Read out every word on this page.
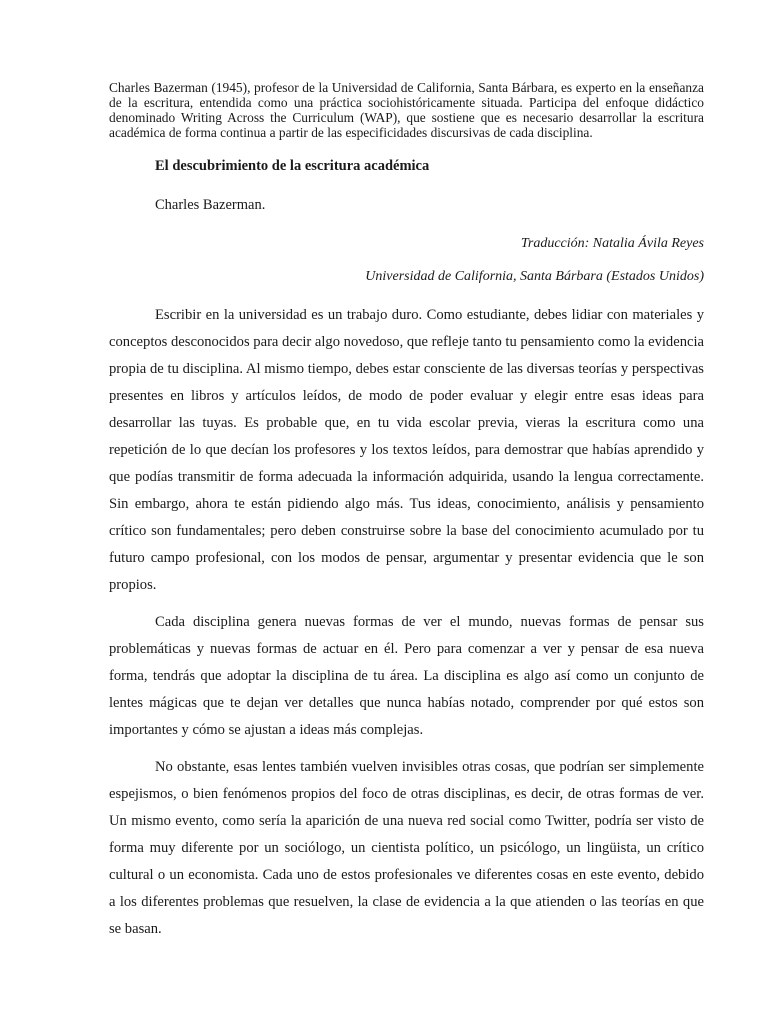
Charles Bazerman (1945), profesor de la Universidad de California, Santa Bárbara, es experto en la enseñanza de la escritura, entendida como una práctica sociohistóricamente situada. Participa del enfoque didáctico denominado Writing Across the Curriculum (WAP), que sostiene que es necesario desarrollar la escritura académica de forma continua a partir de las especificidades discursivas de cada disciplina.

El descubrimiento de la escritura académica

Charles Bazerman.

Traducción: Natalia Ávila Reyes

Universidad de California, Santa Bárbara (Estados Unidos)

Escribir en la universidad es un trabajo duro. Como estudiante, debes lidiar con materiales y conceptos desconocidos para decir algo novedoso, que refleje tanto tu pensamiento como la evidencia propia de tu disciplina. Al mismo tiempo, debes estar consciente de las diversas teorías y perspectivas presentes en libros y artículos leídos, de modo de poder evaluar y elegir entre esas ideas para desarrollar las tuyas. Es probable que, en tu vida escolar previa, vieras la escritura como una repetición de lo que decían los profesores y los textos leídos, para demostrar que habías aprendido y que podías transmitir de forma adecuada la información adquirida, usando la lengua correctamente. Sin embargo, ahora te están pidiendo algo más. Tus ideas, conocimiento, análisis y pensamiento crítico son fundamentales; pero deben construirse sobre la base del conocimiento acumulado por tu futuro campo profesional, con los modos de pensar, argumentar y presentar evidencia que le son propios.

Cada disciplina genera nuevas formas de ver el mundo, nuevas formas de pensar sus problemáticas y nuevas formas de actuar en él. Pero para comenzar a ver y pensar de esa nueva forma, tendrás que adoptar la disciplina de tu área. La disciplina es algo así como un conjunto de lentes mágicas que te dejan ver detalles que nunca habías notado, comprender por qué estos son importantes y cómo se ajustan a ideas más complejas.

No obstante, esas lentes también vuelven invisibles otras cosas, que podrían ser simplemente espejismos, o bien fenómenos propios del foco de otras disciplinas, es decir, de otras formas de ver. Un mismo evento, como sería la aparición de una nueva red social como Twitter, podría ser visto de forma muy diferente por un sociólogo, un cientista político, un psicólogo, un lingüista, un crítico cultural o un economista. Cada uno de estos profesionales ve diferentes cosas en este evento, debido a los diferentes problemas que resuelven, la clase de evidencia a la que atienden o las teorías en que se basan.
